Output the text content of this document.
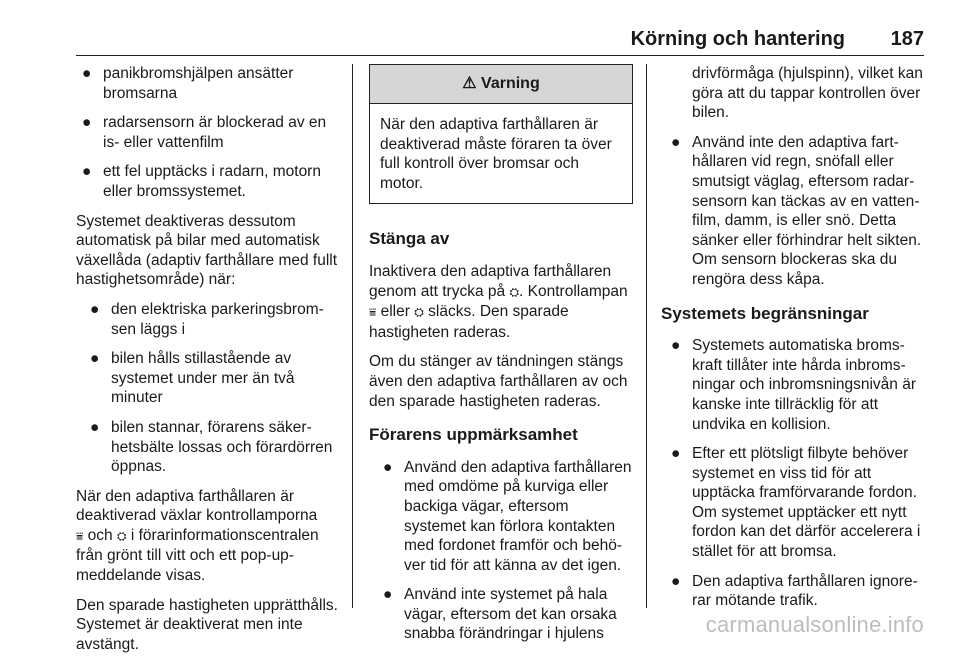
Körning och hantering 187
● panikbromshjälpen ansätter bromsarna
● radarsensorn är blockerad av en is- eller vattenfilm
● ett fel upptäcks i radarn, motorn eller bromssystemet.

Systemet deaktiveras dessutom automatisk på bilar med automatisk växellåda (adaptiv farthållare med fullt hastighetsområde) när:

● den elektriska parkeringsbromsen läggs i
● bilen hålls stillastående av systemet under mer än två minuter
● bilen stannar, förarens säkerhetsbälte lossas och förardörren öppnas.

När den adaptiva farthållaren är deaktiverad växlar kontrollamporna
⩸ och ⛭ i förarinformationscentralen från grönt till vitt och ett pop-up-meddelande visas.

Den sparade hastigheten upprätthålls. Systemet är deaktiverat men inte avstängt.

⚠ Varning
När den adaptiva farthållaren är deaktiverad måste föraren ta över full kontroll över bromsar och motor.
Stänga av

Inaktivera den adaptiva farthållaren genom att trycka på ⛭. Kontrollampan ⩸ eller ⛭ släcks. Den sparade hastigheten raderas.

Om du stänger av tändningen stängs även den adaptiva farthållaren av och den sparade hastigheten raderas.

Förarens uppmärksamhet
● Använd den adaptiva farthållaren med omdöme på kurviga eller backiga vägar, eftersom systemet kan förlora kontakten med fordonet framför och behöver tid för att känna av det igen.
● Använd inte systemet på hala vägar, eftersom det kan orsaka snabba förändringar i hjulens

drivförmåga (hjulspinn), vilket kan göra att du tappar kontrollen över bilen.

● Använd inte den adaptiva farthållaren vid regn, snöfall eller smutsigt väglag, eftersom radarsensorn kan täckas av en vattenfilm, damm, is eller snö. Detta sänker eller förhindrar helt sikten. Om sensorn blockeras ska du rengöra dess kåpa.
Systemets begränsningar
● Systemets automatiska bromskraft tillåter inte hårda inbromsningar och inbromsningsnivån är kanske inte tillräcklig för att undvika en kollision.
● Efter ett plötsligt filbyte behöver systemet en viss tid för att upptäcka framförvarande fordon. Om systemet upptäcker ett nytt fordon kan det därför accelerera i stället för att bromsa.
● Den adaptiva farthållaren ignorerar mötande trafik.
carmanualsonline.info
